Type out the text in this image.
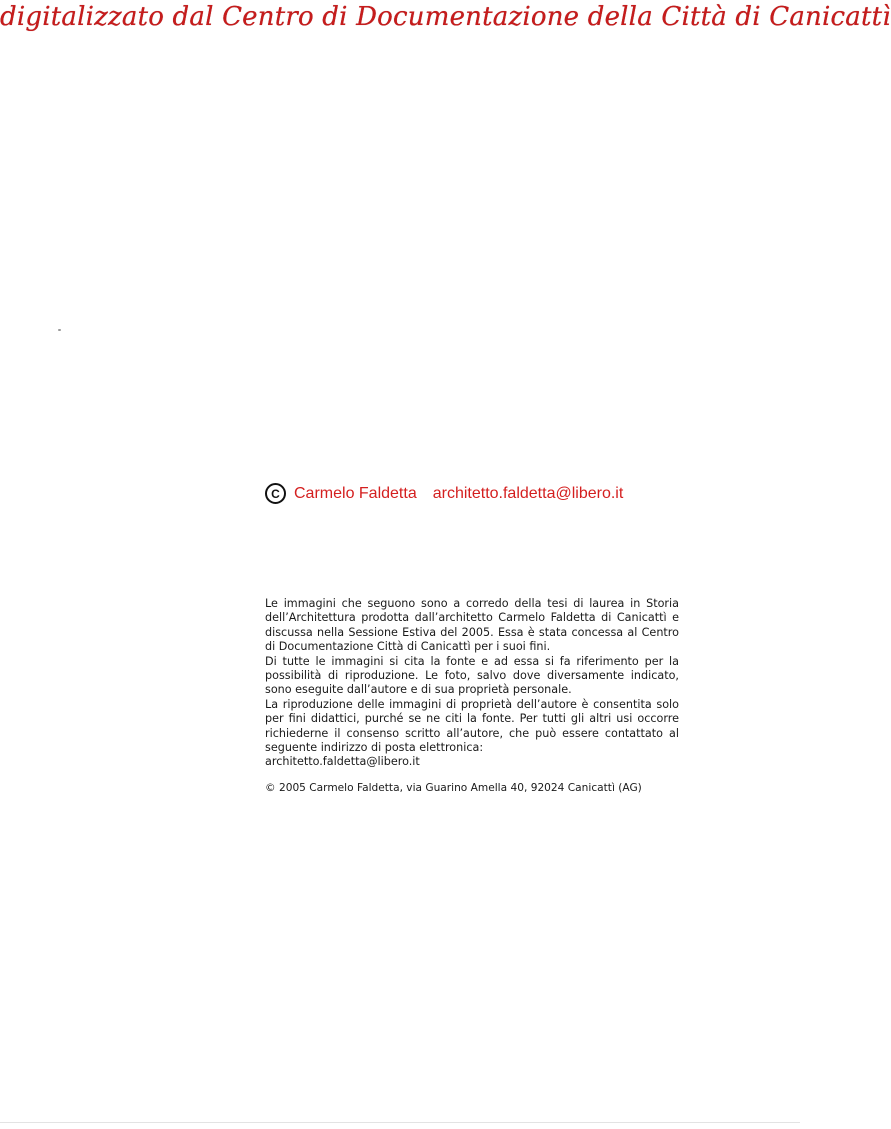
digitalizzato dal Centro di Documentazione della Città di Canicattì
C Carmelo Faldetta architetto.faldetta@libero.it

Le immagini che seguono sono a corredo della tesi di laurea in Storia dell’Architettura prodotta dall’architetto Carmelo Faldetta di Canicattì e discussa nella Sessione Estiva del 2005. Essa è stata concessa al Centro di Documentazione Città di Canicattì per i suoi fini.

Di tutte le immagini si cita la fonte e ad essa si fa riferimento per la possibilità di riproduzione. Le foto, salvo dove diversamente indicato, sono eseguite dall’autore e di sua proprietà personale.

La riproduzione delle immagini di proprietà dell’autore è consentita solo per fini didattici, purché se ne citi la fonte. Per tutti gli altri usi occorre richiederne il consenso scritto all’autore, che può essere contattato al seguente indirizzo di posta elettronica:

architetto.faldetta@libero.it

© 2005 Carmelo Faldetta, via Guarino Amella 40, 92024 Canicattì (AG)
